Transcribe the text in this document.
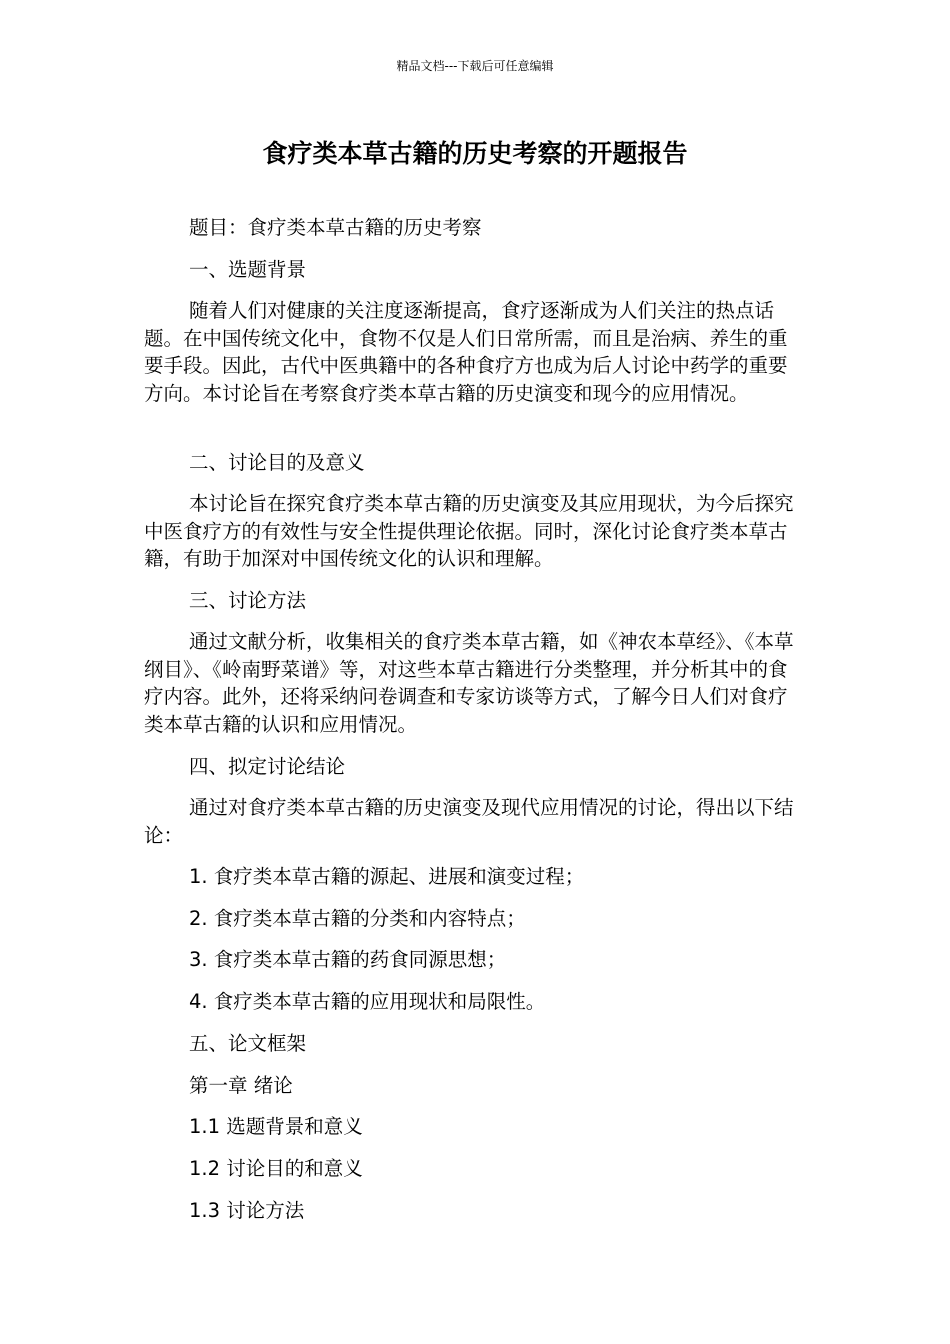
精品文档---下载后可任意编辑
食疗类本草古籍的历史考察的开题报告

题目：食疗类本草古籍的历史考察

一、选题背景

随着人们对健康的关注度逐渐提高，食疗逐渐成为人们关注的热点话题。在中国传统文化中，食物不仅是人们日常所需，而且是治病、养生的重要手段。因此，古代中医典籍中的各种食疗方也成为后人讨论中药学的重要方向。本讨论旨在考察食疗类本草古籍的历史演变和现今的应用情况。

二、讨论目的及意义

本讨论旨在探究食疗类本草古籍的历史演变及其应用现状，为今后探究中医食疗方的有效性与安全性提供理论依据。同时，深化讨论食疗类本草古籍，有助于加深对中国传统文化的认识和理解。

三、讨论方法

通过文献分析，收集相关的食疗类本草古籍，如《神农本草经》、《本草纲目》、《岭南野菜谱》等，对这些本草古籍进行分类整理，并分析其中的食疗内容。此外，还将采纳问卷调查和专家访谈等方式，了解今日人们对食疗类本草古籍的认识和应用情况。

四、拟定讨论结论

通过对食疗类本草古籍的历史演变及现代应用情况的讨论，得出以下结论：

1. 食疗类本草古籍的源起、进展和演变过程；

2. 食疗类本草古籍的分类和内容特点；

3. 食疗类本草古籍的药食同源思想；

4. 食疗类本草古籍的应用现状和局限性。

五、论文框架

第一章 绪论

1.1 选题背景和意义

1.2 讨论目的和意义

1.3 讨论方法
